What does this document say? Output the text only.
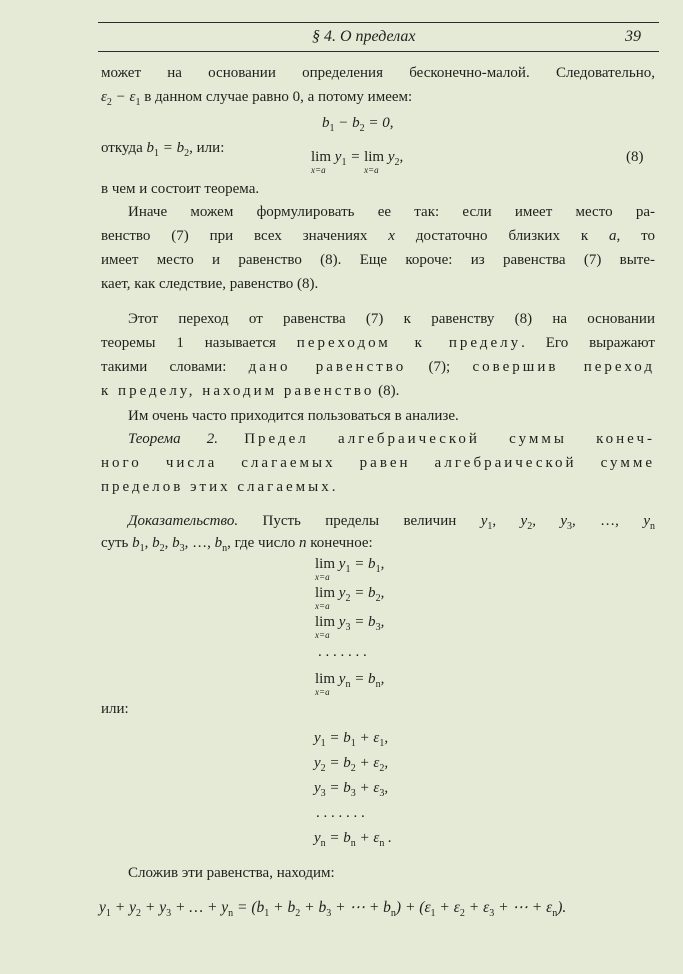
§ 4. О пределах	39
может на основании определения бесконечно-малой. Следовательно,
$\varepsilon_2 - \varepsilon_1$ в данном случае равно 0, а потому имеем:
$b_1 - b_2 = 0$,
откуда $b_1 = b_2$, или:
lim
x=a
$y_1 = \lim$
x=a
$y_2$,	(8)
в чем и состоит теорема.
Иначе можем формулировать ее так: если имеет место ра-
венство (7) при всех значениях x достаточно близких к a, то
имеет место и равенство (8). Еще короче: из равенства (7) выте-
кает, как следствие, равенство (8).
Этот переход от равенства (7) к равенству (8) на основании
теоремы 1 называется переходом к пределу. Его выражают
такими словами: дано равенство (7); совершив переход
к пределу, находим равенство (8).
Им очень часто приходится пользоваться в анализе.
Теорема 2. Предел алгебраической суммы конеч-
ного числа слагаемых равен алгебраической сумме
пределов этих слагаемых.
Доказательство. Пусть пределы величин $y_1$, $y_2$, $y_3$, …, $y_n$
суть $b_1$, $b_2$, $b_3$, …, $b_n$, где число n конечное:
lim
x=a
$y_1 = b_1$,
lim
x=a
$y_2 = b_2$,
lim
x=a
$y_3 = b_3$,
lim
x=a
$y_n = b_n$,
. . . . . . .
или:
$y_1 = b_1 + \varepsilon_1$,
$y_2 = b_2 + \varepsilon_2$,
$y_3 = b_3 + \varepsilon_3$,
$y_n = b_n + \varepsilon_n$ .
. . . . . . .
Сложив эти равенства, находим:
$y_1 + y_2 + y_3$ + … + $y_n = (b_1 + b_2 + b_3$ + ⋯ + $b_n) + (\varepsilon_1 + \varepsilon_2 + \varepsilon_3$ + ⋯ + $\varepsilon_n$).
